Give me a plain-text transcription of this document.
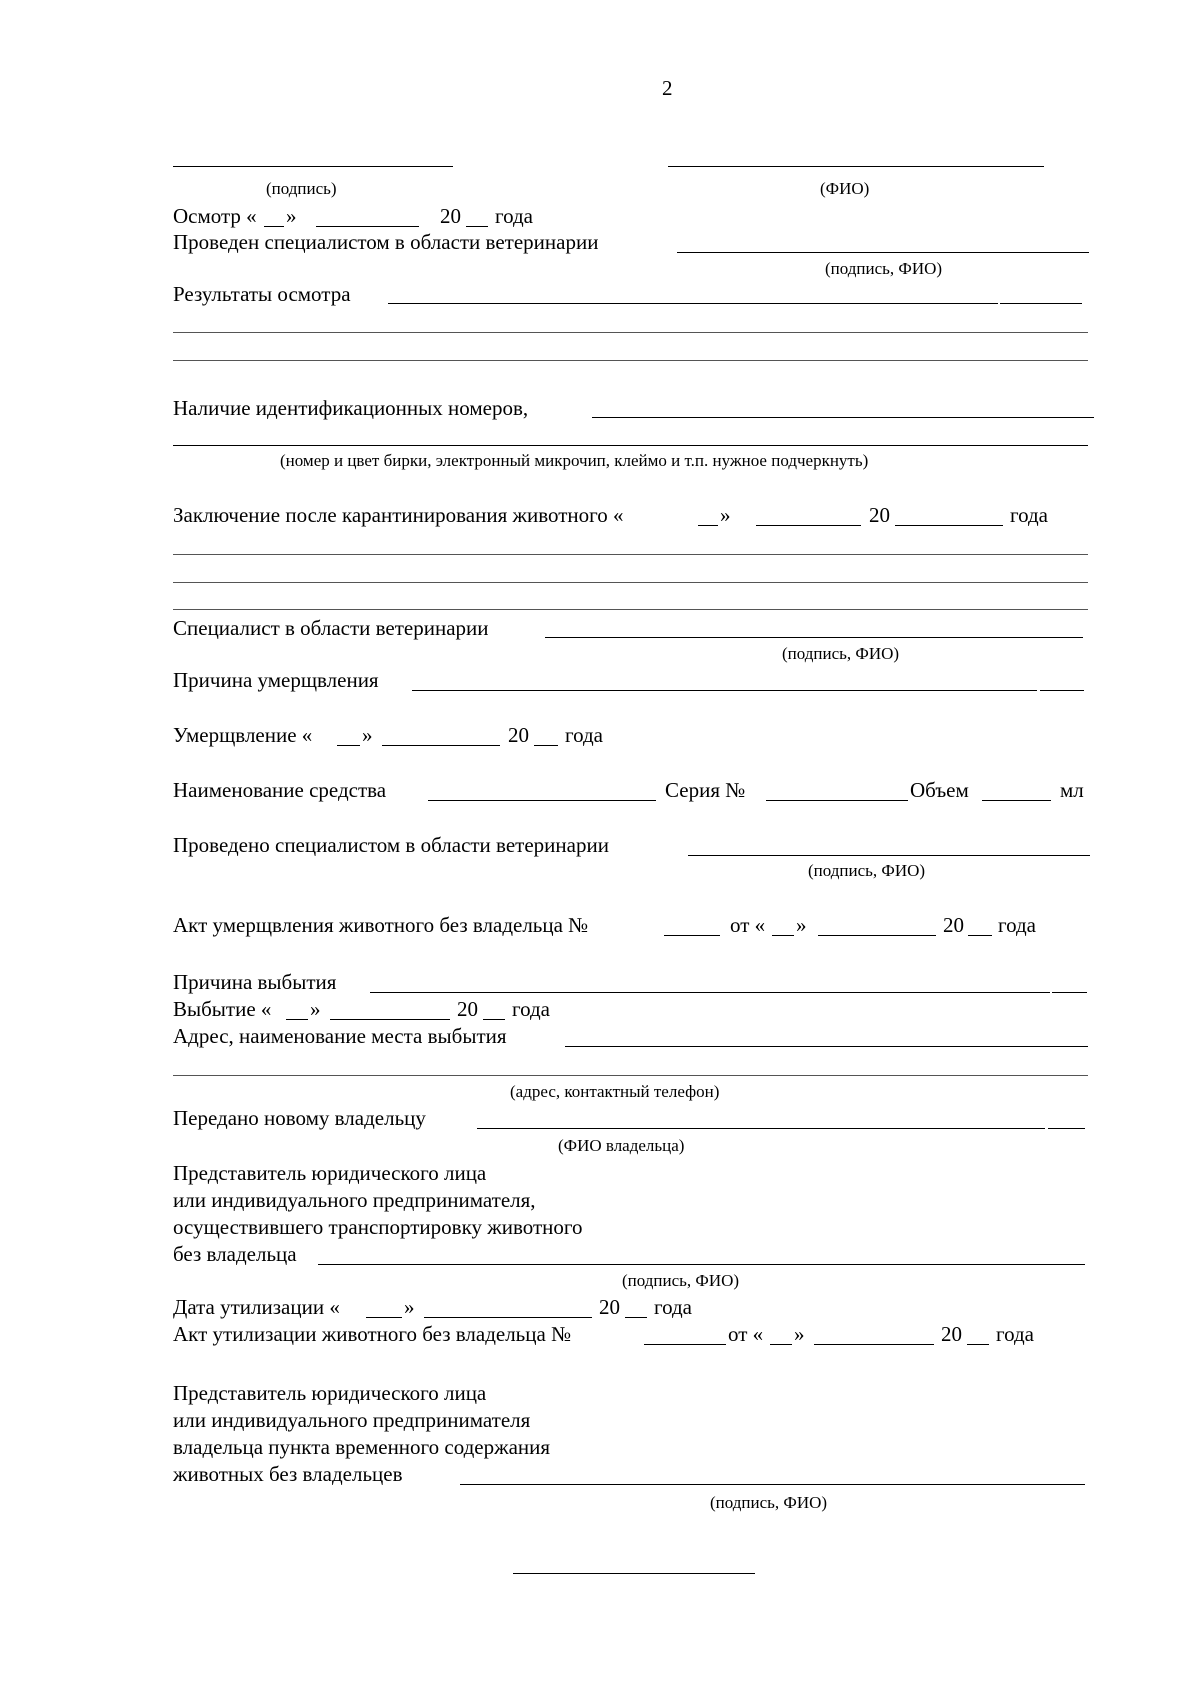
2
(подпись)	(ФИО)
Осмотр « »	20 года
Проведен специалистом в области ветеринарии
(подпись, ФИО)
Результаты осмотра
Наличие идентификационных номеров,
(номер и цвет бирки, электронный микрочип, клеймо и т.п. нужное подчеркнуть)
Заключение после карантинирования животного «	»	20	года
Специалист в области ветеринарии
(подпись, ФИО)
Причина умерщвления
Умерщвление « »	20 года
Наименование средства	Серия №	Объем	мл
Проведено специалистом в области ветеринарии
(подпись, ФИО)
Акт умерщвления животного без владельца №	от « »	20 года
Причина выбытия
Выбытие « »	20 года
Адрес, наименование места выбытия
(адрес, контактный телефон)
Передано новому владельцу
(ФИО владельца)
Представитель юридического лица
или индивидуального предпринимателя,
осуществившего транспортировку животного
без владельца
(подпись, ФИО)
Дата утилизации «	»	20 года
Акт утилизации животного без владельца №	от « »	20 года
Представитель юридического лица
или индивидуального предпринимателя
владельца пункта временного содержания
животных без владельцев
(подпись, ФИО)
